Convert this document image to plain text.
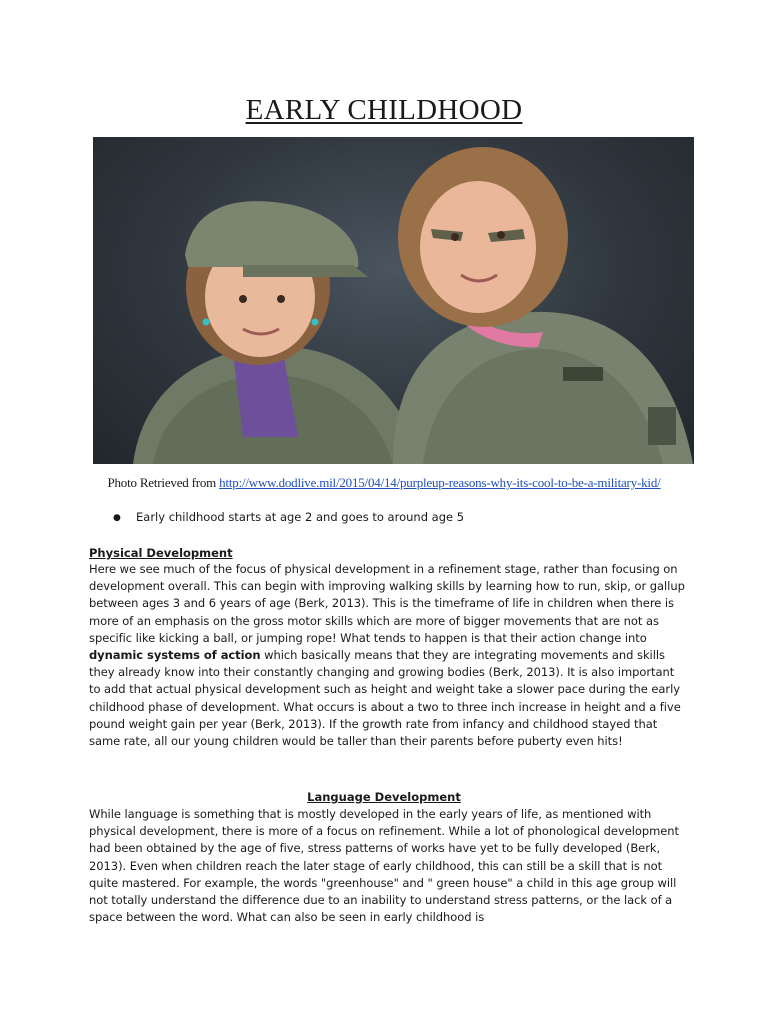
EARLY CHILDHOOD

Photo Retrieved from http://www.dodlive.mil/2015/04/14/purpleup-reasons-why-its-cool-to-be-a-military-kid/

● Early childhood starts at age 2 and goes to around age 5
Physical Development

Here we see much of the focus of physical development in a refinement stage, rather than focusing on development overall. This can begin with improving walking skills by learning how to run, skip, or gallup between ages 3 and 6 years of age (Berk, 2013). This is the timeframe of life in children when there is more of an emphasis on the gross motor skills which are more of bigger movements that are not as specific like kicking a ball, or jumping rope! What tends to happen is that their action change into dynamic systems of action which basically means that they are integrating movements and skills they already know into their constantly changing and growing bodies (Berk, 2013). It is also important to add that actual physical development such as height and weight take a slower pace during the early childhood phase of development. What occurs is about a two to three inch increase in height and a five pound weight gain per year (Berk, 2013). If the growth rate from infancy and childhood stayed that same rate, all our young children would be taller than their parents before puberty even hits!

Language Development

While language is something that is mostly developed in the early years of life, as mentioned with physical development, there is more of a focus on refinement. While a lot of phonological development had been obtained by the age of five, stress patterns of works have yet to be fully developed (Berk, 2013). Even when children reach the later stage of early childhood, this can still be a skill that is not quite mastered. For example, the words "greenhouse" and " green house" a child in this age group will not totally understand the difference due to an inability to understand stress patterns, or the lack of a space between the word. What can also be seen in early childhood is
